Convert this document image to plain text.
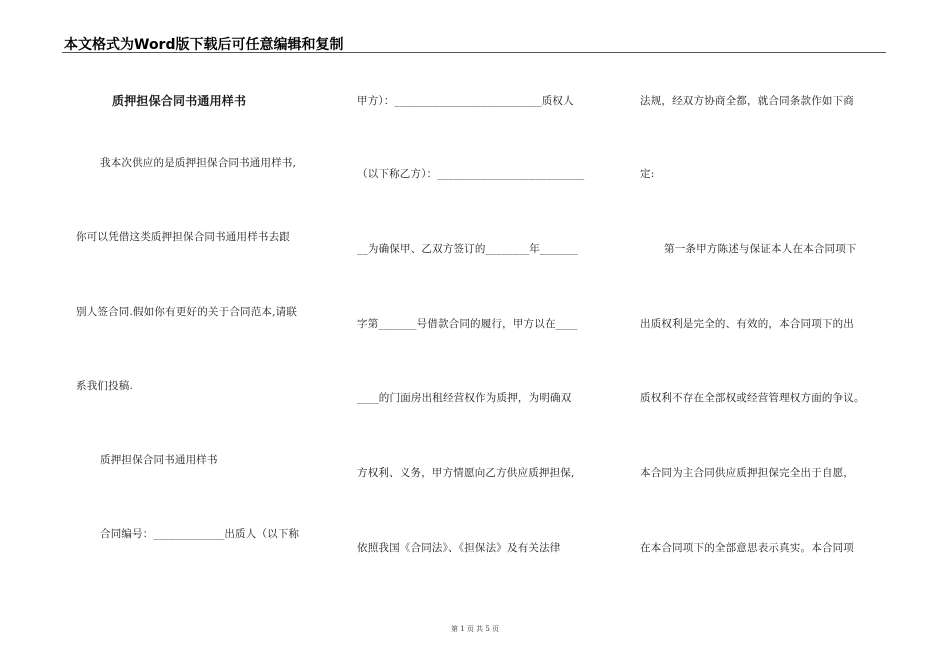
本文格式为Word版下载后可任意编辑和复制
质押担保合同书通用样书
我本次供应的是质押担保合同书通用样书,
你可以凭借这类质押担保合同书通用样书去跟
别人签合同.假如你有更好的关于合同范本,请联
系我们投稿.
质押担保合同书通用样书
合同编号：_____________出质人（以下称
甲方）：___________________________质权人
（以下称乙方）：___________________________
__为确保甲、乙双方签订的________年_______
字第_______号借款合同的履行，甲方以在____
____的门面房出租经营权作为质押，为明确双
方权利、义务，甲方情愿向乙方供应质押担保,
依照我国《合同法》、《担保法》及有关法律
法规，经双方协商全都，就合同条款作如下商
定:
第一条甲方陈述与保证本人在本合同项下
出质权利是完全的、有效的，本合同项下的出
质权利不存在全部权或经营管理权方面的争议。
本合同为主合同供应质押担保完全出于自愿，
在本合同项下的全部意思表示真实。本合同项
第 1 页 共 5 页
